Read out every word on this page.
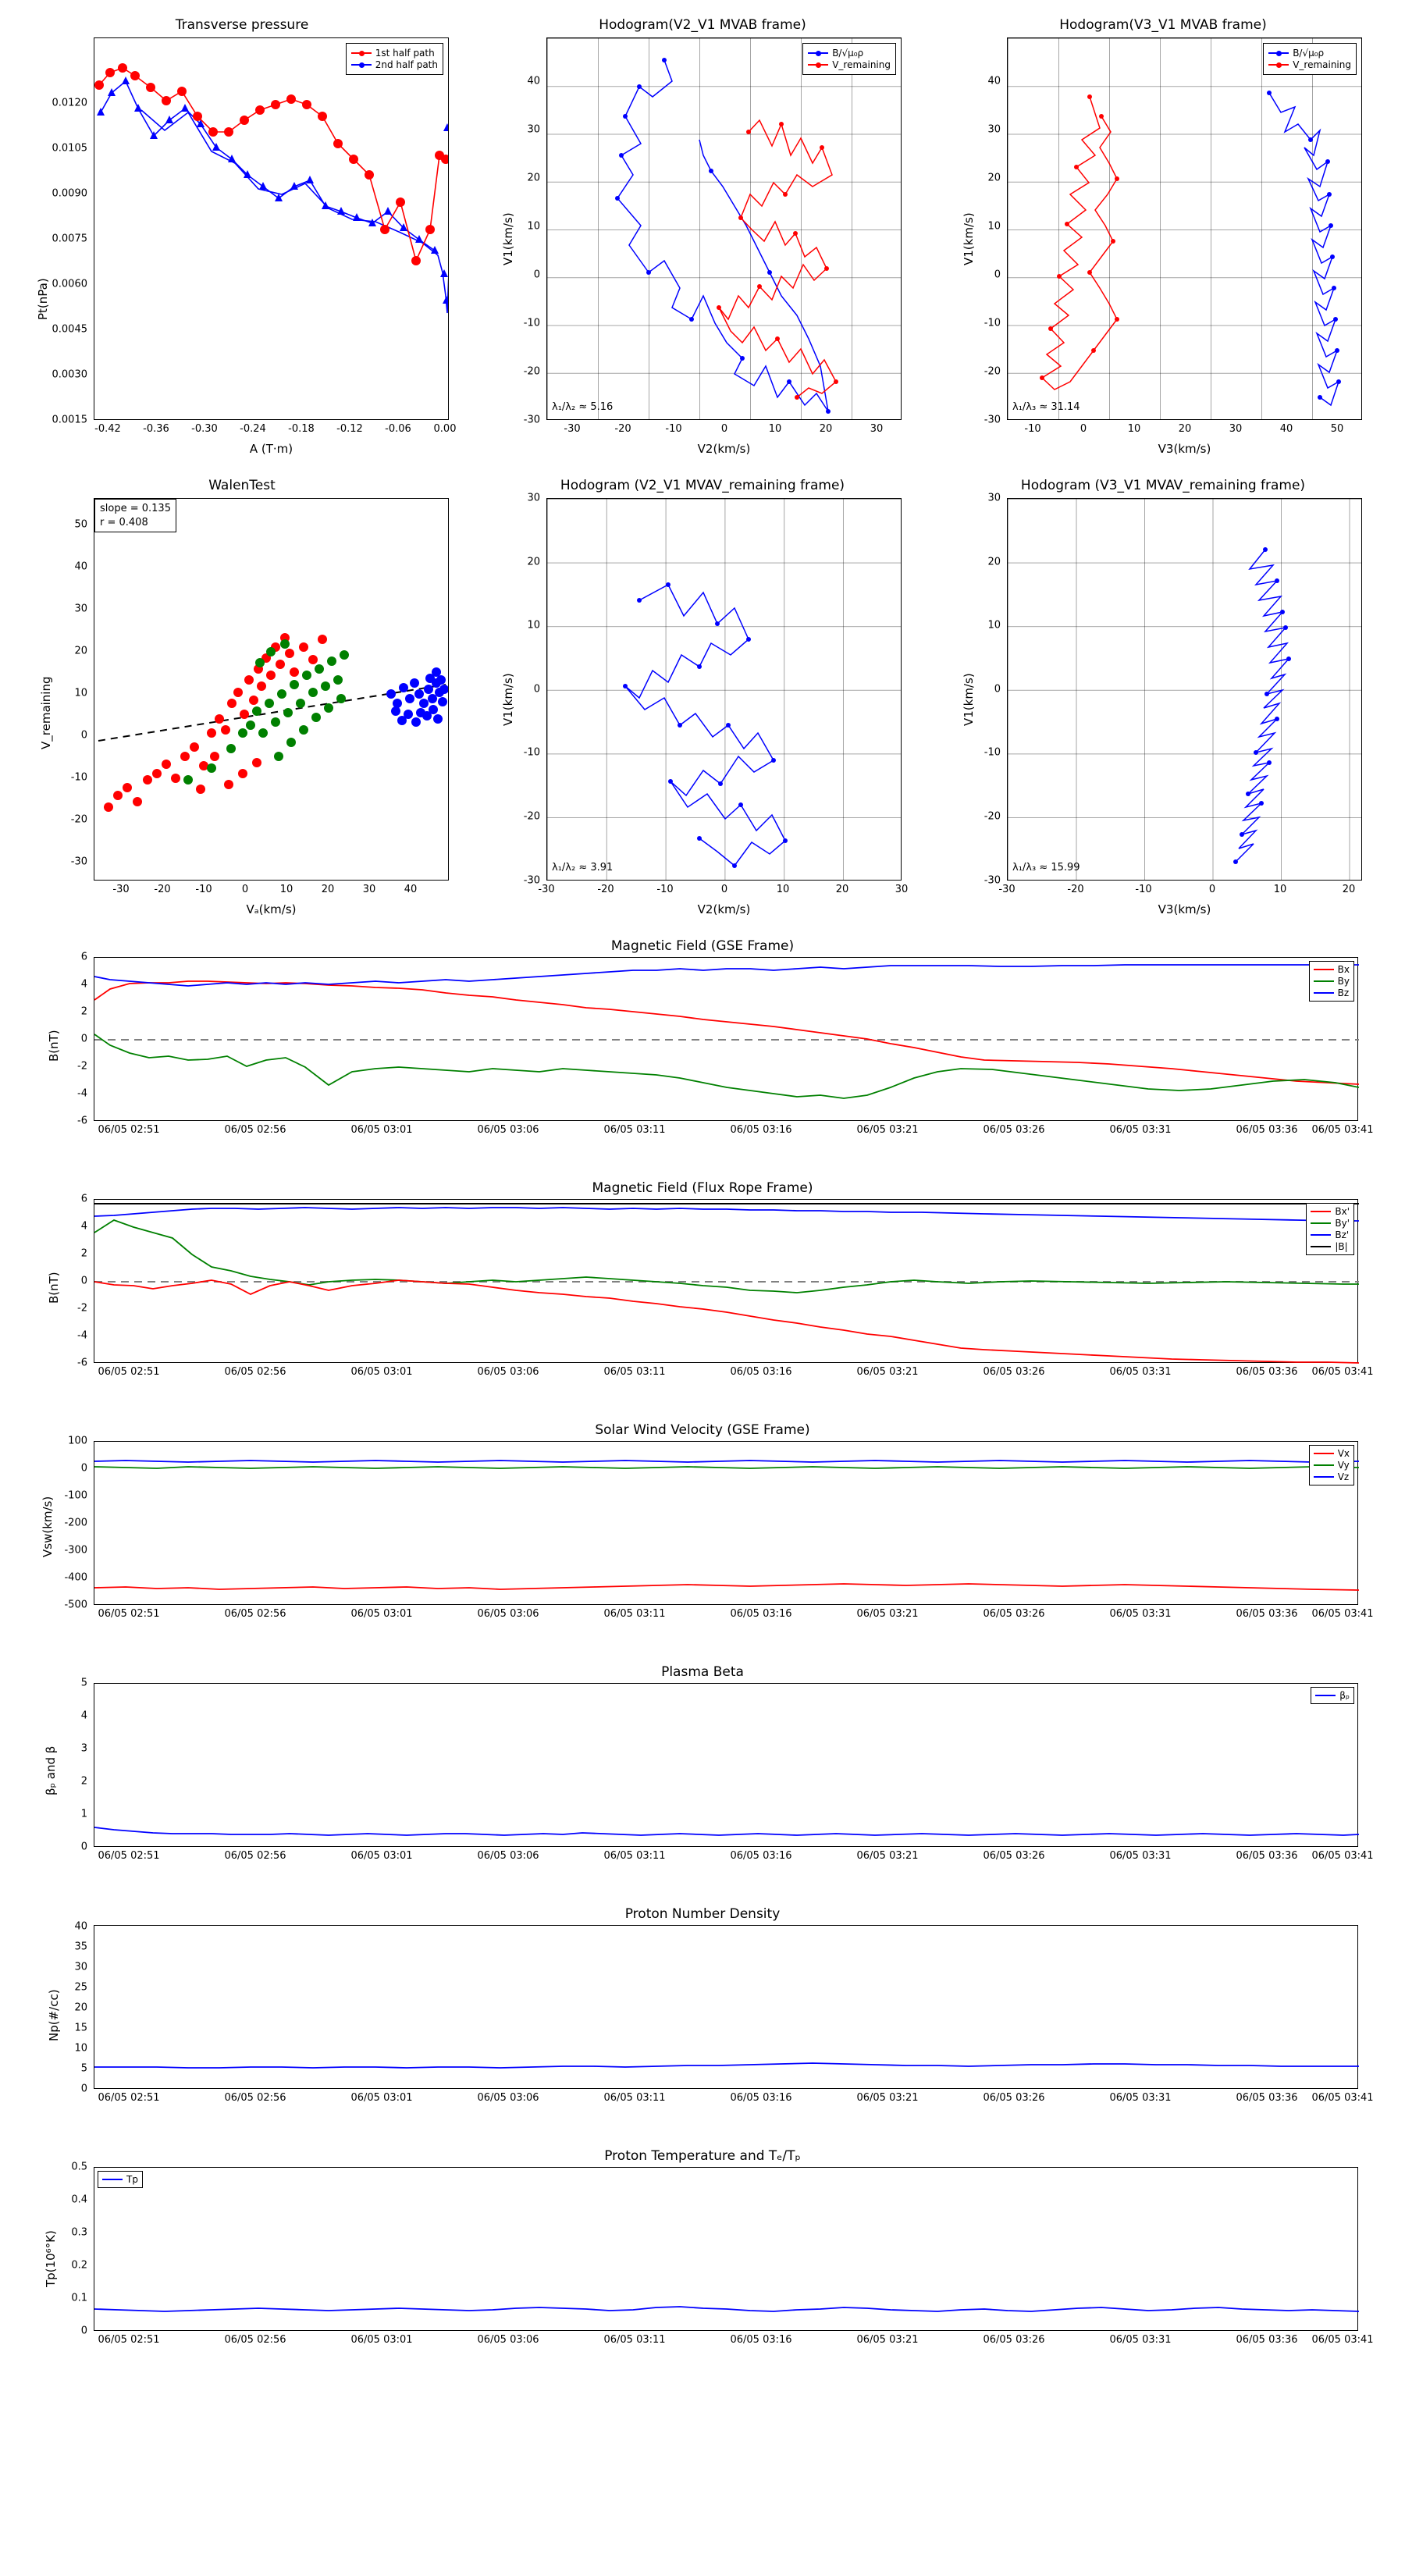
Transverse pressure
1st half path
2nd half path
Pt(nPa)
A (T·m)
0.0015
0.0030
0.0045
0.0060
0.0075
0.0090
0.0105
0.0120
-0.42 -0.36 -0.30 -0.24 -0.18 -0.12 -0.06 0.00
Hodogram(V2_V1 MVAB frame)
B/√μ₀ρ
V_remaining
λ₁/λ₂ ≈ 5.16
V1(km/s)
V2(km/s)
-30
-20
-10
0
10
20
30
40
-30	-20	-10	0	10	20	30
Hodogram(V3_V1 MVAB frame)
B/√μ₀ρ
V_remaining
λ₁/λ₃ ≈ 31.14
V1(km/s)
V3(km/s)
-30
-20
-10
0
10
20
30
40
-10	0	10	20	30	40	50
WalenTest
slope = 0.135
r = 0.408
V_remaining
Vₐ(km/s)
-30
-20
-10
0
10
20
30
40
50
-30 -20 -10	0	10	20	30	40
Hodogram (V2_V1 MVAV_remaining frame)
λ₁/λ₂ ≈ 3.91
V1(km/s)
V2(km/s)
-30
-20
-10
0
10
20
30
-30	-20	-10	0	10	20	30
Hodogram (V3_V1 MVAV_remaining frame)
λ₁/λ₃ ≈ 15.99
V1(km/s)
V3(km/s)
-30
-20
-10
0
10
20
30
-30	-20	-10	0	10	20
Magnetic Field (GSE Frame)
Bx
By
Bz
B(nT)
-6
-4
-2
0
2
4
6
06/05 02:51	06/05 02:56	06/05 03:01	06/05 03:06	06/05 03:11	06/05 03:16	06/05 03:21	06/05 03:26	06/05 03:31	06/05 03:36 06/05 03:41
Magnetic Field (Flux Rope Frame)
Bx'
By'
Bz'
|B|
B(nT)
-6
-4
-2
0
2
4
6
06/05 02:51	06/05 02:56	06/05 03:01	06/05 03:06	06/05 03:11	06/05 03:16	06/05 03:21	06/05 03:26	06/05 03:31	06/05 03:36 06/05 03:41
Solar Wind Velocity (GSE Frame)
Vx
Vy
Vz
Vsw(km/s)
-500
-400
-300
-200
-100
0
100
06/05 02:51	06/05 02:56	06/05 03:01	06/05 03:06	06/05 03:11	06/05 03:16	06/05 03:21	06/05 03:26	06/05 03:31	06/05 03:36 06/05 03:41
Plasma Beta
βₚ
βₚ and β
0
1
2
3
4
5
06/05 02:51	06/05 02:56	06/05 03:01	06/05 03:06	06/05 03:11	06/05 03:16	06/05 03:21	06/05 03:26	06/05 03:31	06/05 03:36 06/05 03:41
Proton Number Density
Np(#/cc)
0
5
10
15
20
25
30
35
40
06/05 02:51	06/05 02:56	06/05 03:01	06/05 03:06	06/05 03:11	06/05 03:16	06/05 03:21	06/05 03:26	06/05 03:31	06/05 03:36 06/05 03:41
Proton Temperature and Tₑ/Tₚ
Tp
Tp(10⁶°K)
0
0.1
0.2
0.3
0.4
0.5
06/05 02:51	06/05 02:56	06/05 03:01	06/05 03:06	06/05 03:11	06/05 03:16	06/05 03:21	06/05 03:26	06/05 03:31	06/05 03:36 06/05 03:41
